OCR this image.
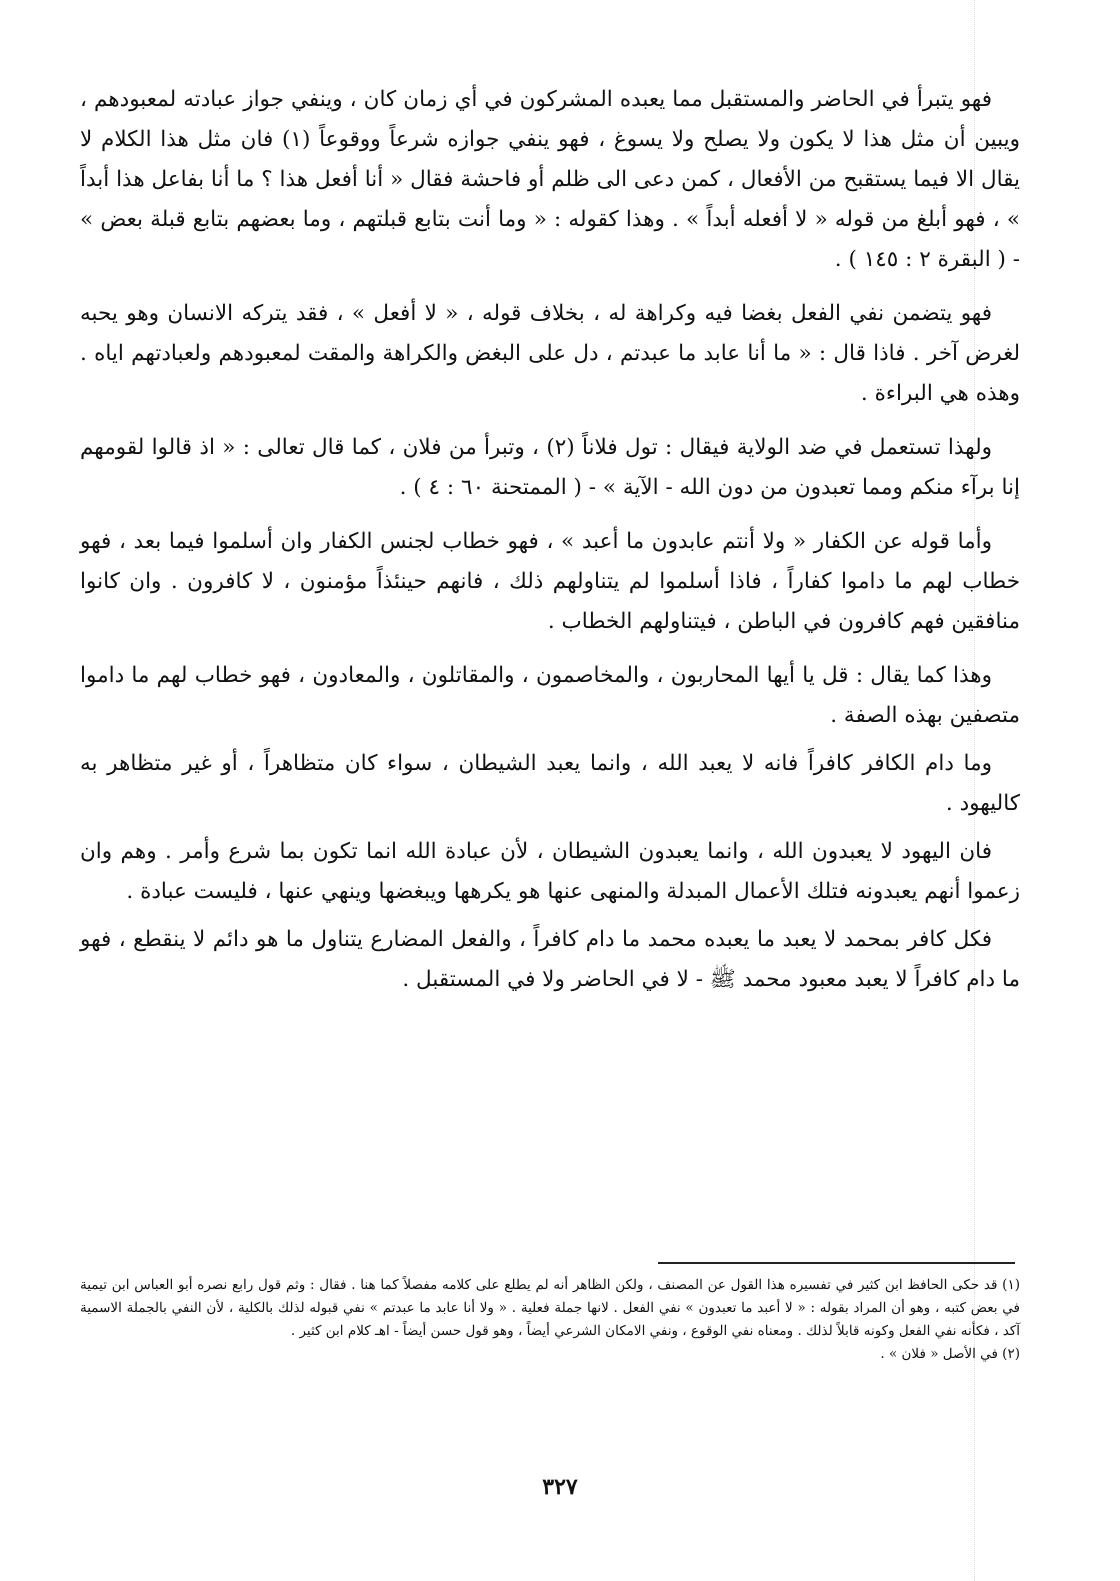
فهو يتبرأ في الحاضر والمستقبل مما يعبده المشركون في أي زمان كان ، وينفي جواز عبادته لمعبودهم ، ويبين أن مثل هذا لا يكون ولا يصلح ولا يسوغ ، فهو ينفي جوازه شرعاً ووقوعاً (١) فان مثل هذا الكلام لا يقال الا فيما يستقبح من الأفعال ، كمن دعى الى ظلم أو فاحشة فقال « أنا أفعل هذا ؟ ما أنا بفاعل هذا أبداً » ، فهو أبلغ من قوله « لا أفعله أبداً » . وهذا كقوله : « وما أنت بتابع قبلتهم ، وما بعضهم بتابع قبلة بعض » - ( البقرة ٢ : ١٤٥ ) .

فهو يتضمن نفي الفعل بغضا فيه وكراهة له ، بخلاف قوله ، « لا أفعل » ، فقد يتركه الانسان وهو يحبه لغرض آخر . فاذا قال : « ما أنا عابد ما عبدتم ، دل على البغض والكراهة والمقت لمعبودهم ولعبادتهم اياه . وهذه هي البراءة .

ولهذا تستعمل في ضد الولاية فيقال : تول فلاناً (٢) ، وتبرأ من فلان ، كما قال تعالى : « اذ قالوا لقومهم إنا برآء منكم ومما تعبدون من دون الله - الآية » - ( الممتحنة ٦٠ : ٤ ) .

وأما قوله عن الكفار « ولا أنتم عابدون ما أعبد » ، فهو خطاب لجنس الكفار وان أسلموا فيما بعد ، فهو خطاب لهم ما داموا كفاراً ، فاذا أسلموا لم يتناولهم ذلك ، فانهم حينئذاً مؤمنون ، لا كافرون . وان كانوا منافقين فهم كافرون في الباطن ، فيتناولهم الخطاب .

وهذا كما يقال : قل يا أيها المحاربون ، والمخاصمون ، والمقاتلون ، والمعادون ، فهو خطاب لهم ما داموا متصفين بهذه الصفة .

وما دام الكافر كافراً فانه لا يعبد الله ، وانما يعبد الشيطان ، سواء كان متظاهراً ، أو غير متظاهر به كاليهود .

فان اليهود لا يعبدون الله ، وانما يعبدون الشيطان ، لأن عبادة الله انما تكون بما شرع وأمر . وهم وان زعموا أنهم يعبدونه فتلك الأعمال المبدلة والمنهى عنها هو يكرهها ويبغضها وينهي عنها ، فليست عبادة .

فكل كافر بمحمد لا يعبد ما يعبده محمد ما دام كافراً ، والفعل المضارع يتناول ما هو دائم لا ينقطع ، فهو ما دام كافراً لا يعبد معبود محمد ﷺ - لا في الحاضر ولا في المستقبل .

(١) قد حكى الحافظ ابن كثير في تفسيره هذا القول عن المصنف ، ولكن الظاهر أنه لم يطلع على كلامه مفصلاً كما هنا . فقال : وثم قول رابع نصره أبو العباس ابن تيمية في بعض كتبه ، وهو أن المراد بقوله : « لا أعبد ما تعبدون » نفي الفعل . لانها جملة فعلية . « ولا أنا عابد ما عبدتم » نفي قبوله لذلك بالكلية ، لأن النفي بالجملة الاسمية آكد ، فكأنه نفي الفعل وكونه قابلاً لذلك . ومعناه نفي الوقوع ، ونفي الامكان الشرعي أيضاً ، وهو قول حسن أيضاً - اهـ كلام ابن كثير .

(٢) في الأصل « فلان » .

٣٢٧
